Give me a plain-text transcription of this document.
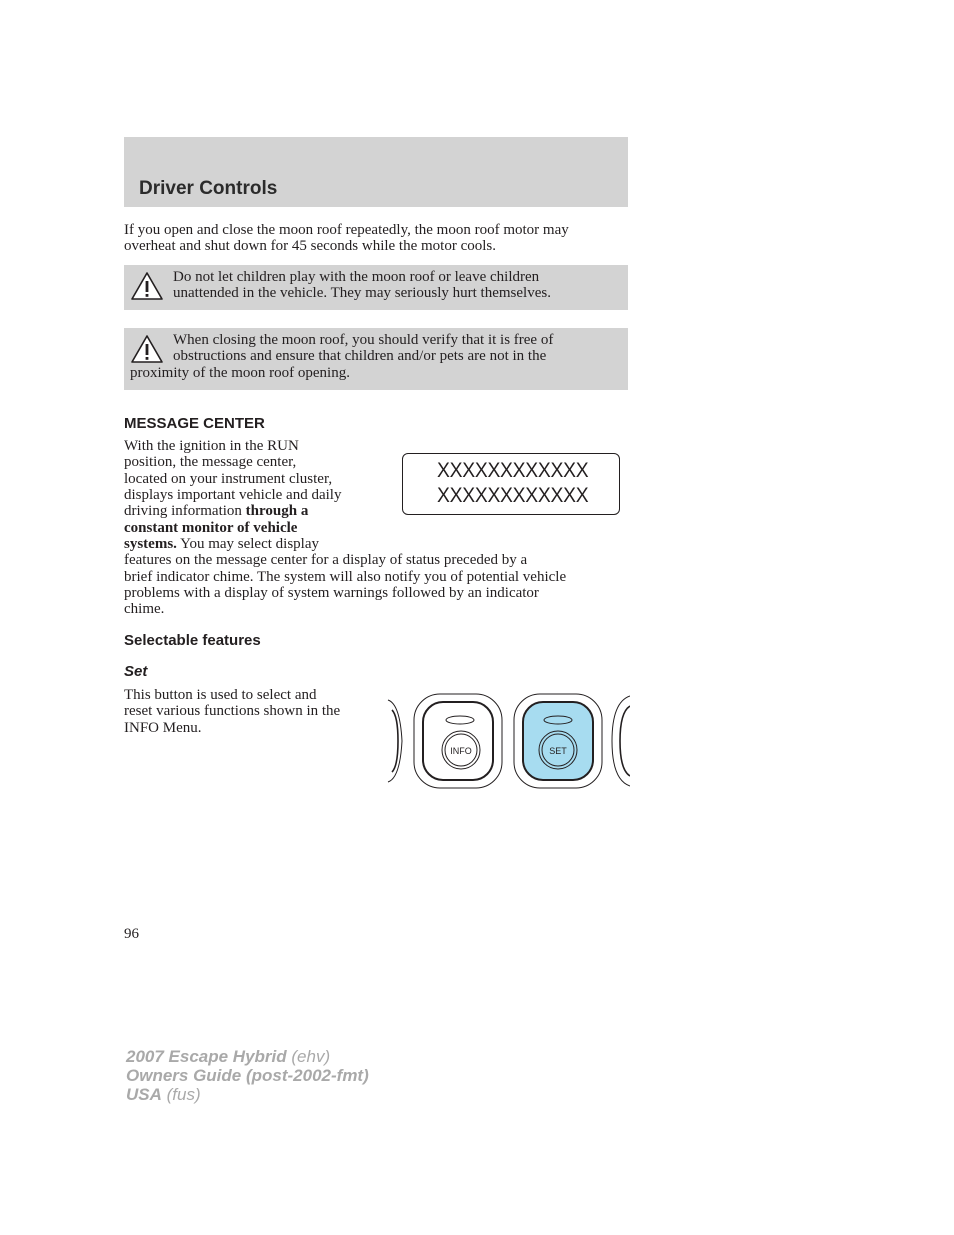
Driver Controls
If you open and close the moon roof repeatedly, the moon roof motor may overheat and shut down for 45 seconds while the motor cools.
Do not let children play with the moon roof or leave children
unattended in the vehicle. They may seriously hurt themselves.
When closing the moon roof, you should verify that it is free of
obstructions and ensure that children and/or pets are not in the
proximity of the moon roof opening.
MESSAGE CENTER
With the ignition in the RUN
position, the message center,
located on your instrument cluster,
displays important vehicle and daily
driving information through a
constant monitor of vehicle
systems. You may select display
features on the message center for a display of status preceded by a
brief indicator chime. The system will also notify you of potential vehicle
problems with a display of system warnings followed by an indicator
chime.
XXXXXXXXXXXX
XXXXXXXXXXXX
Selectable features
Set
This button is used to select and
reset various functions shown in the
INFO Menu.
INFO	SET
96
2007 Escape Hybrid (ehv)
Owners Guide (post-2002-fmt)
USA (fus)
